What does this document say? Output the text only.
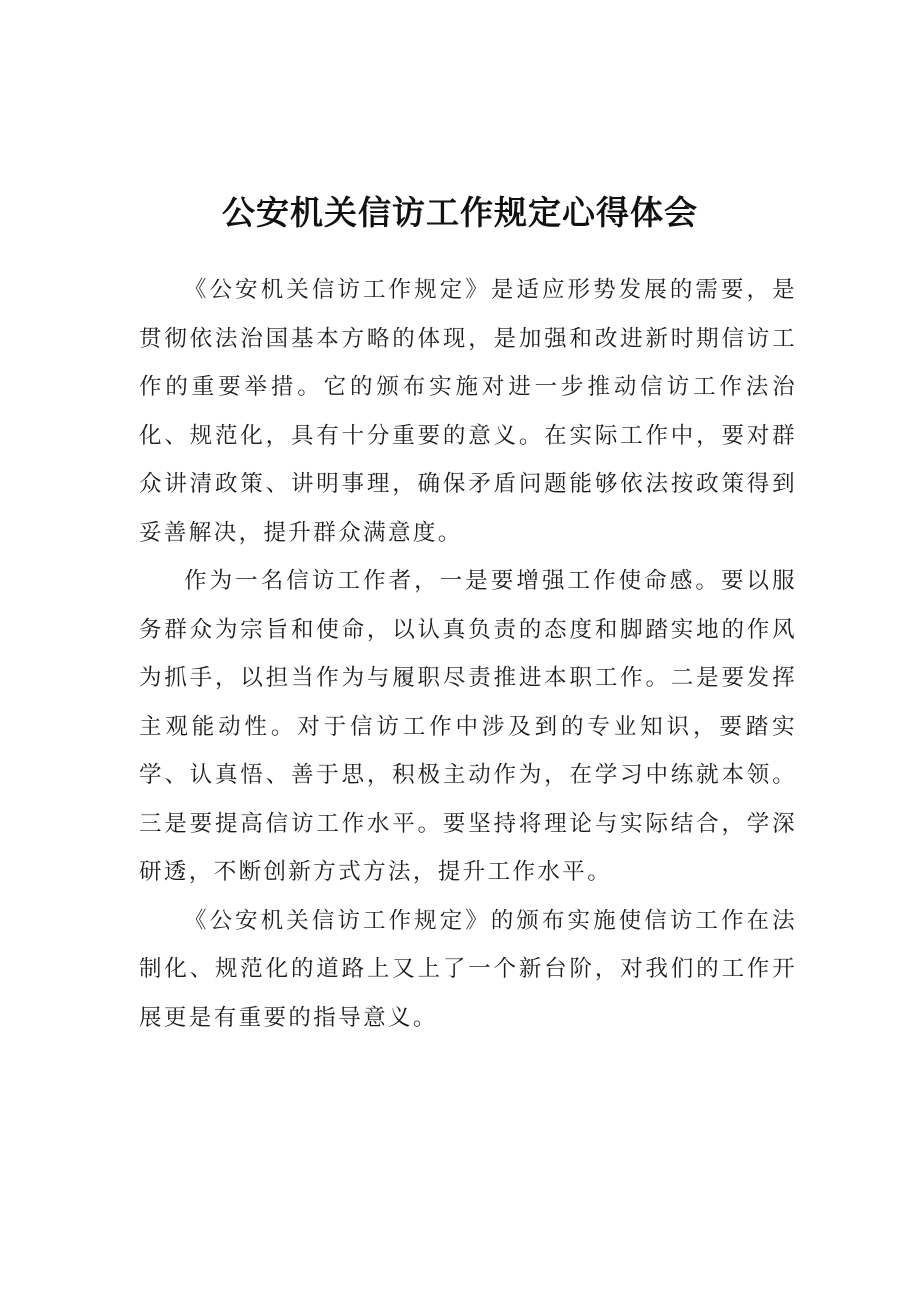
公安机关信访工作规定心得体会

《公安机关信访工作规定》是适应形势发展的需要，是贯彻依法治国基本方略的体现，是加强和改进新时期信访工作的重要举措。它的颁布实施对进一步推动信访工作法治化、规范化，具有十分重要的意义。在实际工作中，要对群众讲清政策、讲明事理，确保矛盾问题能够依法按政策得到妥善解决，提升群众满意度。

作为一名信访工作者，一是要增强工作使命感。要以服务群众为宗旨和使命，以认真负责的态度和脚踏实地的作风为抓手，以担当作为与履职尽责推进本职工作。二是要发挥主观能动性。对于信访工作中涉及到的专业知识，要踏实学、认真悟、善于思，积极主动作为，在学习中练就本领。三是要提高信访工作水平。要坚持将理论与实际结合，学深研透，不断创新方式方法，提升工作水平。

《公安机关信访工作规定》的颁布实施使信访工作在法制化、规范化的道路上又上了一个新台阶，对我们的工作开展更是有重要的指导意义。
